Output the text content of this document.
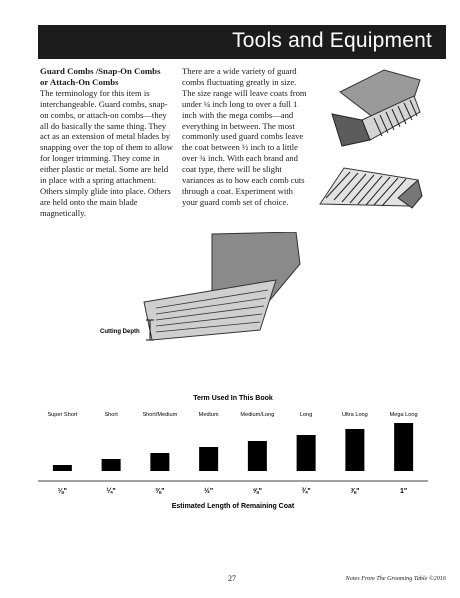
Tools and Equipment
Guard Combs /Snap-On Combs
or Attach-On Combs

The terminology for this item is interchangeable. Guard combs, snap-on combs, or attach-on combs—they all do basically the same thing. They act as an extension of metal blades by snapping over the top of them to allow for longer trimming. They come in either plastic or metal. Some are held in place with a spring attachment. Others simply glide into place. Others are held onto the main blade magnetically.

There are a wide variety of guard combs fluctuating greatly in size. The size range will leave coats from under ¼ inch long to over a full 1 inch with the mega combs—and everything in between. The most commonly used guard combs leave the coat between ½ inch to a little over ¾ inch. With each brand and coat type, there will be slight variances as to how each comb cuts through a coat. Experiment with your guard comb set of choice.

Cutting Depth
Term Used In This Book
Super Short	Short	Short/Medium	Medium	Medium/Long	Long	Ultra Long	Mega Long
⅛"	¼"	⅜"	½"	⅝"	¾"	⅞"	1"
Estimated Length of Remaining Coat
27	Notes From The Grooming Table ©2016
